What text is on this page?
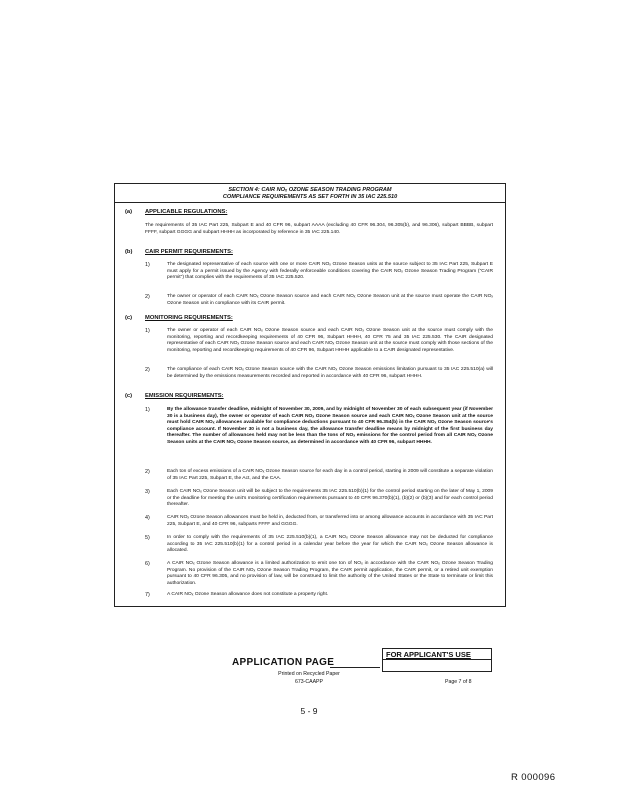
SECTION 4: CAIR NOₓ OZONE SEASON TRADING PROGRAM
COMPLIANCE REQUIREMENTS AS SET FORTH IN 35 IAC 225.510
(a) APPLICABLE REGULATIONS:
The requirements of 35 IAC Part 225, Subpart E and 40 CFR 96, subpart AAAA (excluding 40 CFR 96.304, 96.305(b), and 96.306), subpart BBBB, subpart FFFF, subpart GGGG and subpart HHHH as incorporated by reference in 35 IAC 225.140.
(b) CAIR PERMIT REQUIREMENTS:
1)	The designated representative of each source with one or more CAIR NOₓ Ozone Season units at the source subject to 35 IAC Part 225, Subpart E must apply for a permit issued by the Agency with federally enforceable conditions covering the CAIR NOₓ Ozone Season Trading Program ("CAIR permit") that complies with the requirements of 35 IAC 225.520.
2)	The owner or operator of each CAIR NOₓ Ozone Season source and each CAIR NOₓ Ozone Season unit at the source must operate the CAIR NOₓ Ozone Season unit in compliance with its CAIR permit.
(c) MONITORING REQUIREMENTS:
1)	The owner or operator of each CAIR NOₓ Ozone Season source and each CAIR NOₓ Ozone Season unit at the source must comply with the monitoring, reporting and recordkeeping requirements of 40 CFR 96, Subpart HHHH, 40 CFR 75 and 35 IAC 225.530. The CAIR designated representative of each CAIR NOₓ Ozone Season source and each CAIR NOₓ Ozone Season unit at the source must comply with those sections of the monitoring, reporting and recordkeeping requirements of 40 CFR 96, Subpart HHHH applicable to a CAIR designated representative.
2)	The compliance of each CAIR NOₓ Ozone Season source with the CAIR NOₓ Ozone Season emissions limitation pursuant to 35 IAC 225.510(a) will be determined by the emissions measurements recorded and reported in accordance with 40 CFR 96, subpart HHHH.
(c) EMISSION REQUIREMENTS:
1)	By the allowance transfer deadline, midnight of November 30, 2009, and by midnight of November 30 of each subsequent year (if November 30 is a business day), the owner or operator of each CAIR NOₓ Ozone Season source and each CAIR NOₓ Ozone Season unit at the source must hold CAIR NOₓ allowances available for compliance deductions pursuant to 40 CFR 96.354(b) in the CAIR NOₓ Ozone Season source's compliance account. If November 30 is not a business day, the allowance transfer deadline means by midnight of the first business day thereafter. The number of allowances held may not be less than the tons of NOₓ emissions for the control period from all CAIR NOₓ Ozone Season units at the CAIR NOₓ Ozone Season source, as determined in accordance with 40 CFR 96, subpart HHHH.
2)	Each ton of excess emissions of a CAIR NOₓ Ozone Season source for each day in a control period, starting in 2009 will constitute a separate violation of 35 IAC Part 225, Subpart E, the Act, and the CAA.
3)	Each CAIR NOₓ Ozone Season unit will be subject to the requirements 35 IAC 225.510(b)(1) for the control period starting on the later of May 1, 2009 or the deadline for meeting the unit's monitoring certification requirements pursuant to 40 CFR 96.370(b)(1), (b)(2) or (b)(3) and for each control period thereafter.
4)	CAIR NOₓ Ozone Season allowances must be held in, deducted from, or transferred into or among allowance accounts in accordance with 35 IAC Part 225, Subpart E, and 40 CFR 96, subparts FFFF and GGGG.
5)	In order to comply with the requirements of 35 IAC 225.510(b)(1), a CAIR NOₓ Ozone Season allowance may not be deducted for compliance according to 35 IAC 225.510(b)(1) for a control period in a calendar year before the year for which the CAIR NOₓ Ozone Season allowance is allocated.
6)	A CAIR NOₓ Ozone Season allowance is a limited authorization to emit one ton of NOₓ in accordance with the CAIR NOₓ Ozone Season Trading Program. No provision of the CAIR NOₓ Ozone Season Trading Program, the CAIR permit application, the CAIR permit, or a retired unit exemption pursuant to 40 CFR 96.305, and no provision of law, will be construed to limit the authority of the United States or the State to terminate or limit this authorization.
7)	A CAIR NOₓ Ozone Season allowance does not constitute a property right.
APPLICATION PAGE
FOR APPLICANT'S USE
Printed on Recycled Paper
673-CAAPP	Page 7 of 8
5 - 9
R 000096
